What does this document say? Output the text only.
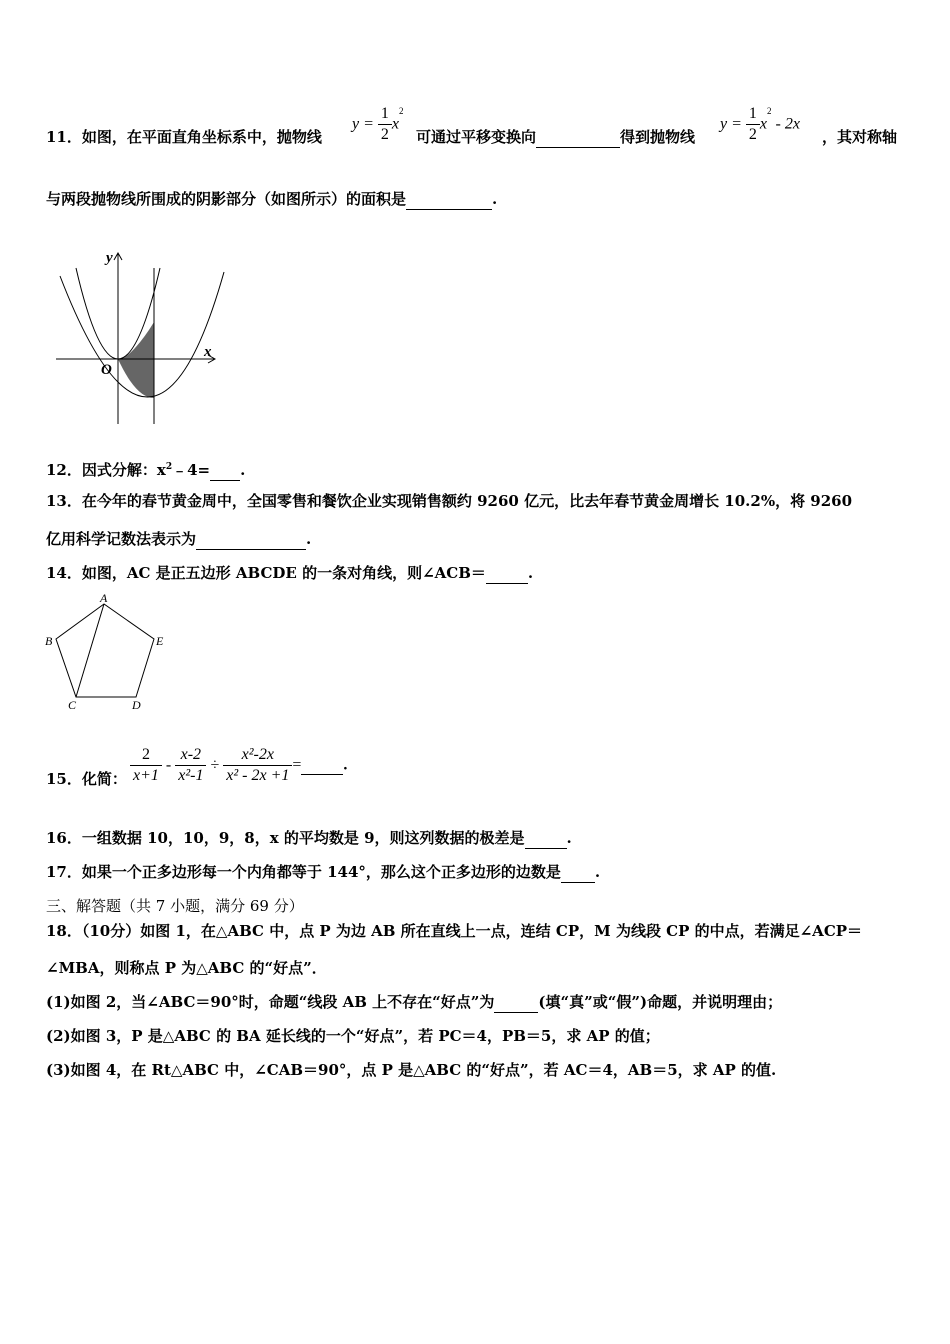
11．如图，在平面直角坐标系中，抛物线
$y = \frac{1}{2} x^2$
可通过平移变换向	得到抛物线
$y = \frac{1}{2} x^2 - 2x$
，其对称轴
与两段抛物线所围成的阴影部分（如图所示）的面积是	.
y
x
O
12．因式分解：$x^2﹣4=$ .
13．在今年的春节黄金周中，全国零售和餐饮企业实现销售额约 9260 亿元，比去年春节黄金周增长 10.2%，将 9260
亿用科学记数法表示为	.
14．如图，AC 是正五边形 ABCDE 的一条对角线，则∠ACB＝	.
A
B
C	D
E
15．化简： $\frac{2}{x+1} - \frac{x-2}{\text{x²-1}} \div \frac{\text{x²-2x}}{\text{x² - 2x +1}}$ =	.
16．一组数据 10，10，9，8，x 的平均数是 9，则这列数据的极差是	.
17．如果一个正多边形每一个内角都等于 144°，那么这个正多边形的边数是 .
三、解答题（共 7 小题，满分 69 分）
18．（10分）如图 1，在△ABC 中，点 P 为边 AB 所在直线上一点，连结 CP，M 为线段 CP 的中点，若满足∠ACP＝
∠MBA，则称点 P 为△ABC 的“好点”．
(1)如图 2，当∠ABC＝90°时，命题“线段 AB 上不存在“好点”为	(填“真”或“假”)命题，并说明理由；
(2)如图 3，P 是△ABC 的 BA 延长线的一个“好点”，若 PC＝4，PB＝5，求 AP 的值；
(3)如图 4，在 Rt△ABC 中，∠CAB＝90°，点 P 是△ABC 的“好点”，若 AC＝4，AB＝5，求 AP 的值.
